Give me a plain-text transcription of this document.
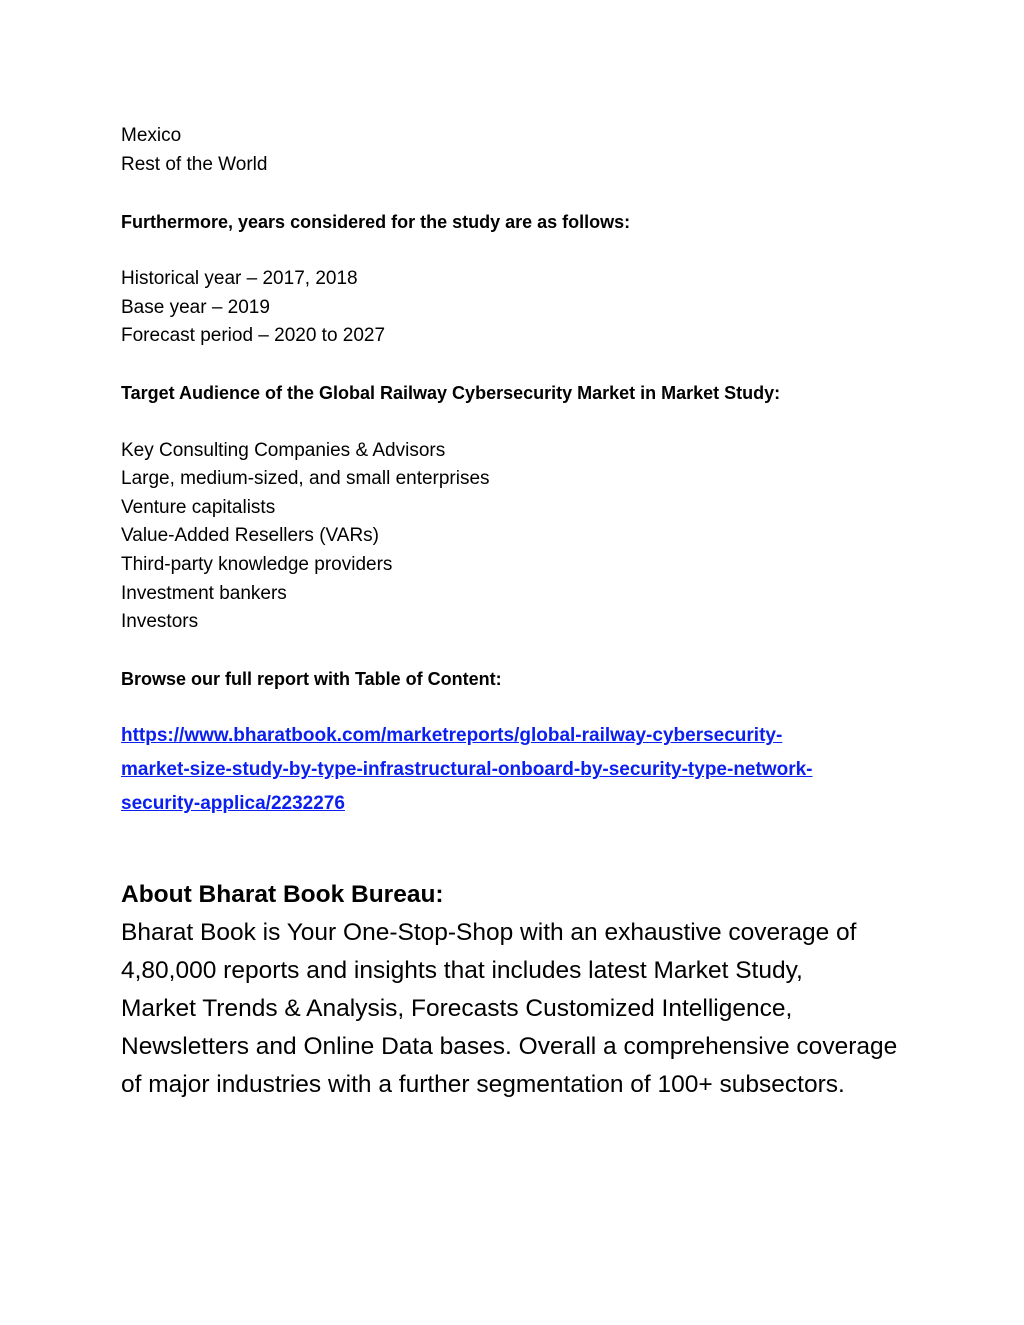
Mexico
Rest of the World
Furthermore, years considered for the study are as follows:
Historical year – 2017, 2018
Base year – 2019
Forecast period – 2020 to 2027
Target Audience of the Global Railway Cybersecurity Market in Market Study:
Key Consulting Companies & Advisors
Large, medium-sized, and small enterprises
Venture capitalists
Value-Added Resellers (VARs)
Third-party knowledge providers
Investment bankers
Investors
Browse our full report with Table of Content:
https://www.bharatbook.com/marketreports/global-railway-cybersecurity-
market-size-study-by-type-infrastructural-onboard-by-security-type-network-
security-applica/2232276
About Bharat Book Bureau:
Bharat Book is Your One-Stop-Shop with an exhaustive coverage of
4,80,000 reports and insights that includes latest Market Study,
Market Trends & Analysis, Forecasts Customized Intelligence,
Newsletters and Online Data bases. Overall a comprehensive coverage
of major industries with a further segmentation of 100+ subsectors.
